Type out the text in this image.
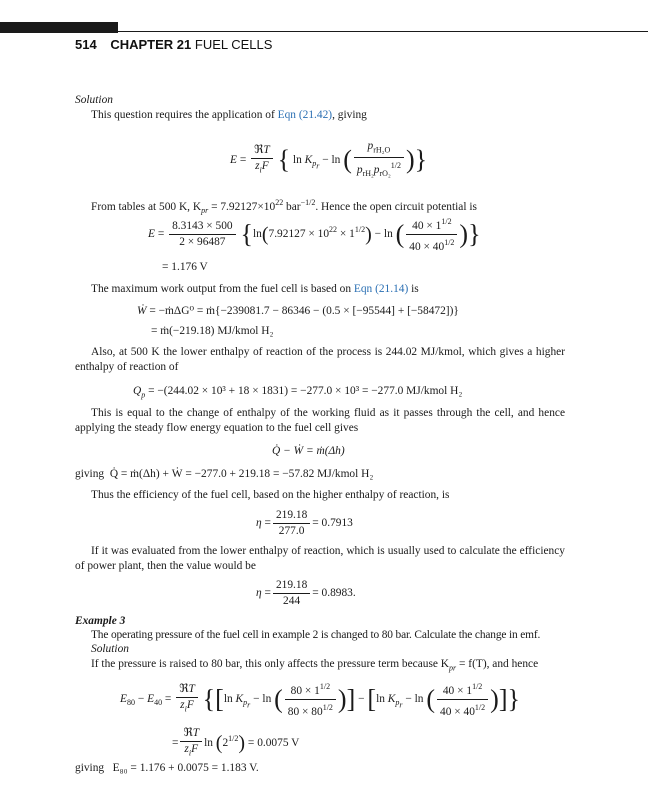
514 CHAPTER 21 FUEL CELLS
Solution
This question requires the application of Eqn (21.42), giving
$E = \frac{\text{ℜT}}{z_iF}$ { $\ln K_{p_r} - \ln$ ( $\frac{p_{rH_2O}}{p_{rH_2}p_{rO_2}^{1/2}}$ )}
From tables at 500 K, $K_{pr} = 7.92127\times 10^{22}$ bar$^{-1/2}$. Hence the open circuit potential is
$E = \frac{8.3143 \times 500}{2 \times 96487} \{\ln(7.92127 \times 10^{22} \times 1^{1/2}) - \ln$ ( $\frac{40 \times 1^{1/2}}{40 \times 40^{1/2}}$ )}
= 1.176 V
The maximum work output from the fuel cell is based on Eqn (21.14) is
Ẇ = −ṁΔG⁰ = ṁ{−239081.7 − 86346 − (0.5 × [−95544] + [−58472])}
= ṁ(−219.18) MJ/kmol H₂
Also, at 500 K the lower enthalpy of reaction of the process is 244.02 MJ/kmol, which gives a higher enthalpy of reaction of
$Q_p = -(244.02 \times 10^3 + 18 \times 1831) = -277.0 \times 10^3 = -277.0$ MJ/kmol H₂
This is equal to the change of enthalpy of the working fluid as it passes through the cell, and hence applying the steady flow energy equation to the fuel cell gives
Q̇ − Ẇ = ṁ(Δh)
giving Q̇ = ṁ(Δh) + Ẇ = −277.0 + 219.18 = −57.82 MJ/kmol H₂
Thus the efficiency of the fuel cell, based on the higher enthalpy of reaction, is
$\eta = \frac{219.18}{277.0} = 0.7913$
If it was evaluated from the lower enthalpy of reaction, which is usually used to calculate the efficiency of power plant, then the value would be
$\eta = \frac{219.18}{244} = 0.8983$.
Example 3
The operating pressure of the fuel cell in example 2 is changed to 80 bar. Calculate the change in emf.
Solution
If the pressure is raised to 80 bar, this only affects the pressure term because $K_{pr} = f(T)$, and hence
$E_{80} - E_{40} = \frac{\text{ℜT}}{z_iF} \{[\ln$ $K_{p_r} - \ln$ ( $\frac{80 \times 1^{1/2}}{80 \times 80^{1/2}}$ )] − [ln $K_{p_r} - \ln$ ( $\frac{40 \times 1^{1/2}}{40 \times 40^{1/2}}$ )]}
= $\frac{\text{ℜT}}{z_iF}$ $\ln (2^{1/2}) = 0.0075$ V
giving E₈₀ = 1.176 + 0.0075 = 1.183 V.
